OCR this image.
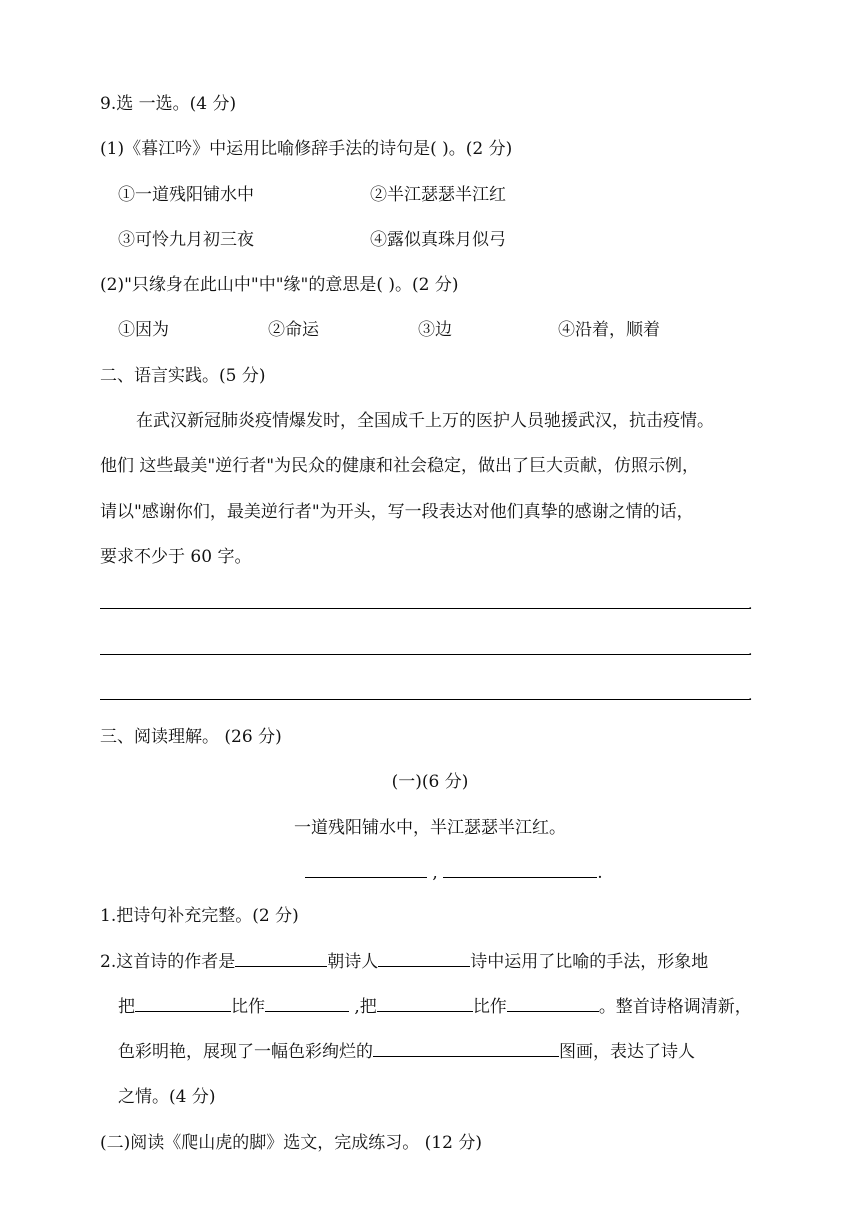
9.选 一选。(4 分)
(1)《暮江吟》中运用比喻修辞手法的诗句是( )。(2 分)
①一道残阳铺水中	②半江瑟瑟半江红
③可怜九月初三夜	④露似真珠月似弓
(2)"只缘身在此山中"中"缘"的意思是( )。(2 分)
①因为	②命运	③边	④沿着，顺着
二、语言实践。(5 分)
在武汉新冠肺炎疫情爆发时，全国成千上万的医护人员驰援武汉，抗击疫情。
他们 这些最美"逆行者"为民众的健康和社会稳定，做出了巨大贡献，仿照示例，
请以"感谢你们，最美逆行者"为开头，写一段表达对他们真挚的感谢之情的话，
要求不少于 60 字。
.
.
.
三、阅读理解。 (26 分)
(一)(6 分)
一道残阳铺水中，半江瑟瑟半江红。
,	.
1.把诗句补充完整。(2 分)
2.这首诗的作者是	朝诗人	诗中运用了比喻的手法，形象地
把	比作	,把	比作	。整首诗格调清新，
色彩明艳，展现了一幅色彩绚烂的	图画，表达了诗人
之情。(4 分)
(二)阅读《爬山虎的脚》选文，完成练习。 (12 分)
